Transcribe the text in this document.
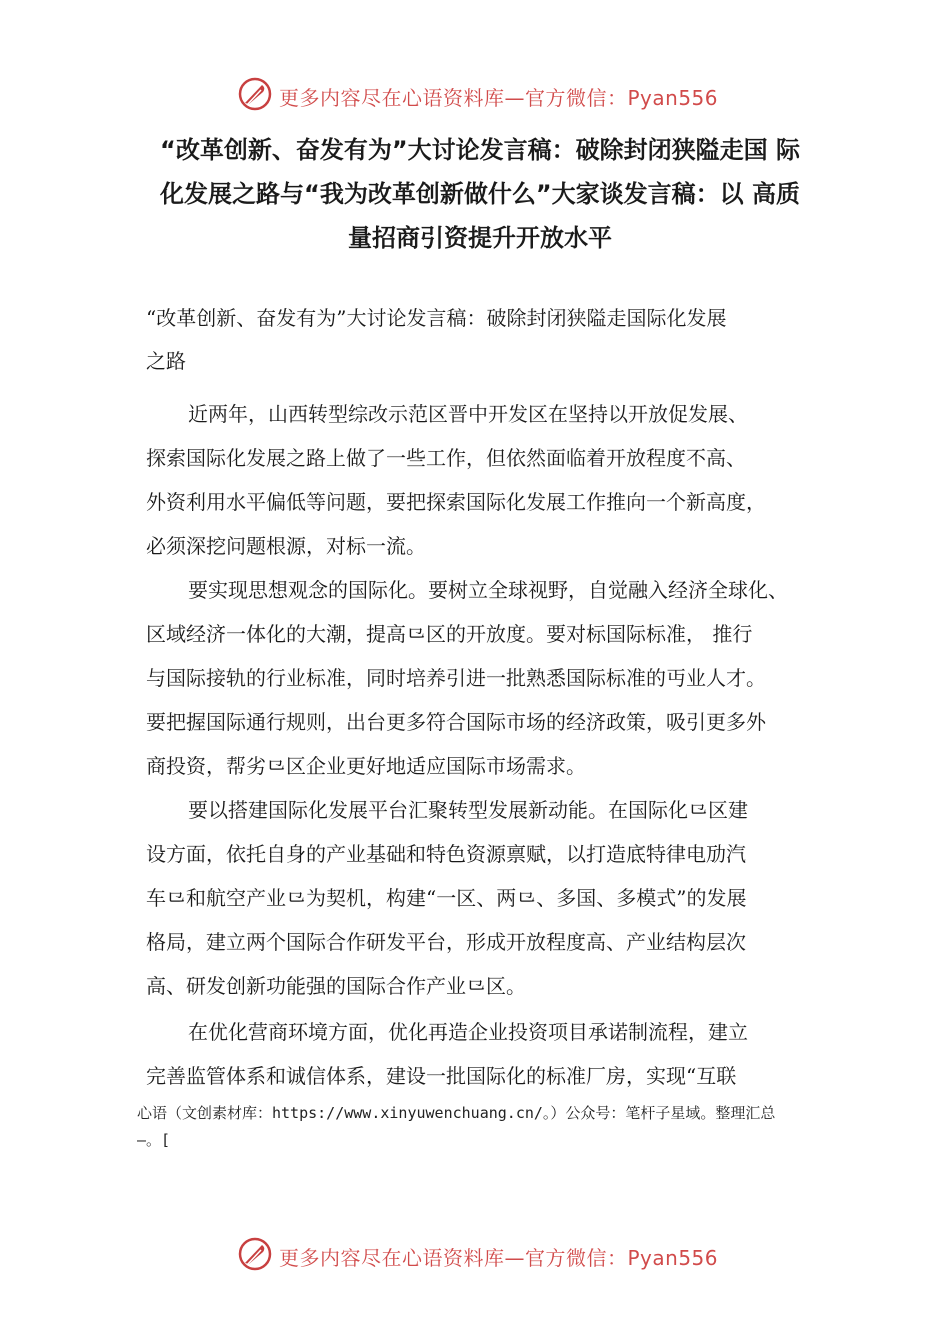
更多内容尽在心语资料库—官方微信：Pyan556
“改革创新、奋发有为”大讨论发言稿：破除封闭狭隘走国 际
化发展之路与“我为改革创新做什么”大家谈发言稿：以 高质
量招商引资提升开放水平
“改革创新、奋发有为”大讨论发言稿：破除封闭狭隘走国际化发展
之路
近两年，山西转型综改示范区晋中开发区在坚持以开放促发展、
探索国际化发展之路上做了一些工作，但依然面临着开放程度不高、
外资利用水平偏低等问题，要把探索国际化发展工作推向一个新高度，
必须深挖问题根源，对标一流。
要实现思想观念的国际化。要树立全球视野，自觉融入经济全球化、
区域经济一体化的大潮，提高⺋区的开放度。要对标国际标准， 推行
与国际接轨的行业标准，同时培养引进一批熟悉国际标准的丏业人才。
要把握国际通行规则，出台更多符合国际市场的经济政策，吸引更多外
商投资，帮劣⺋区企业更好地适应国际市场需求。
要以搭建国际化发展平台汇聚转型发展新动能。在国际化⺋区建
设方面，依托自身的产业基础和特色资源禀赋，以打造底特律电劢汽
车⺋和航空产业⺋为契机，构建“一区、两⺋、多国、多模式”的发展
格局，建立两个国际合作研发平台，形成开放程度高、产业结构层次
高、研发创新功能强的国际合作产业⺋区。
在优化营商环境方面，优化再造企业投资项目承诺制流程，建立
完善监管体系和诚信体系，建设一批国际化的标准厂房，实现“互联
心语（文创素材库：https://www.xinyuwenchuang.cn/。）公众号：笔杆子星域。整理汇总
—。[
更多内容尽在心语资料库—官方微信：Pyan556
